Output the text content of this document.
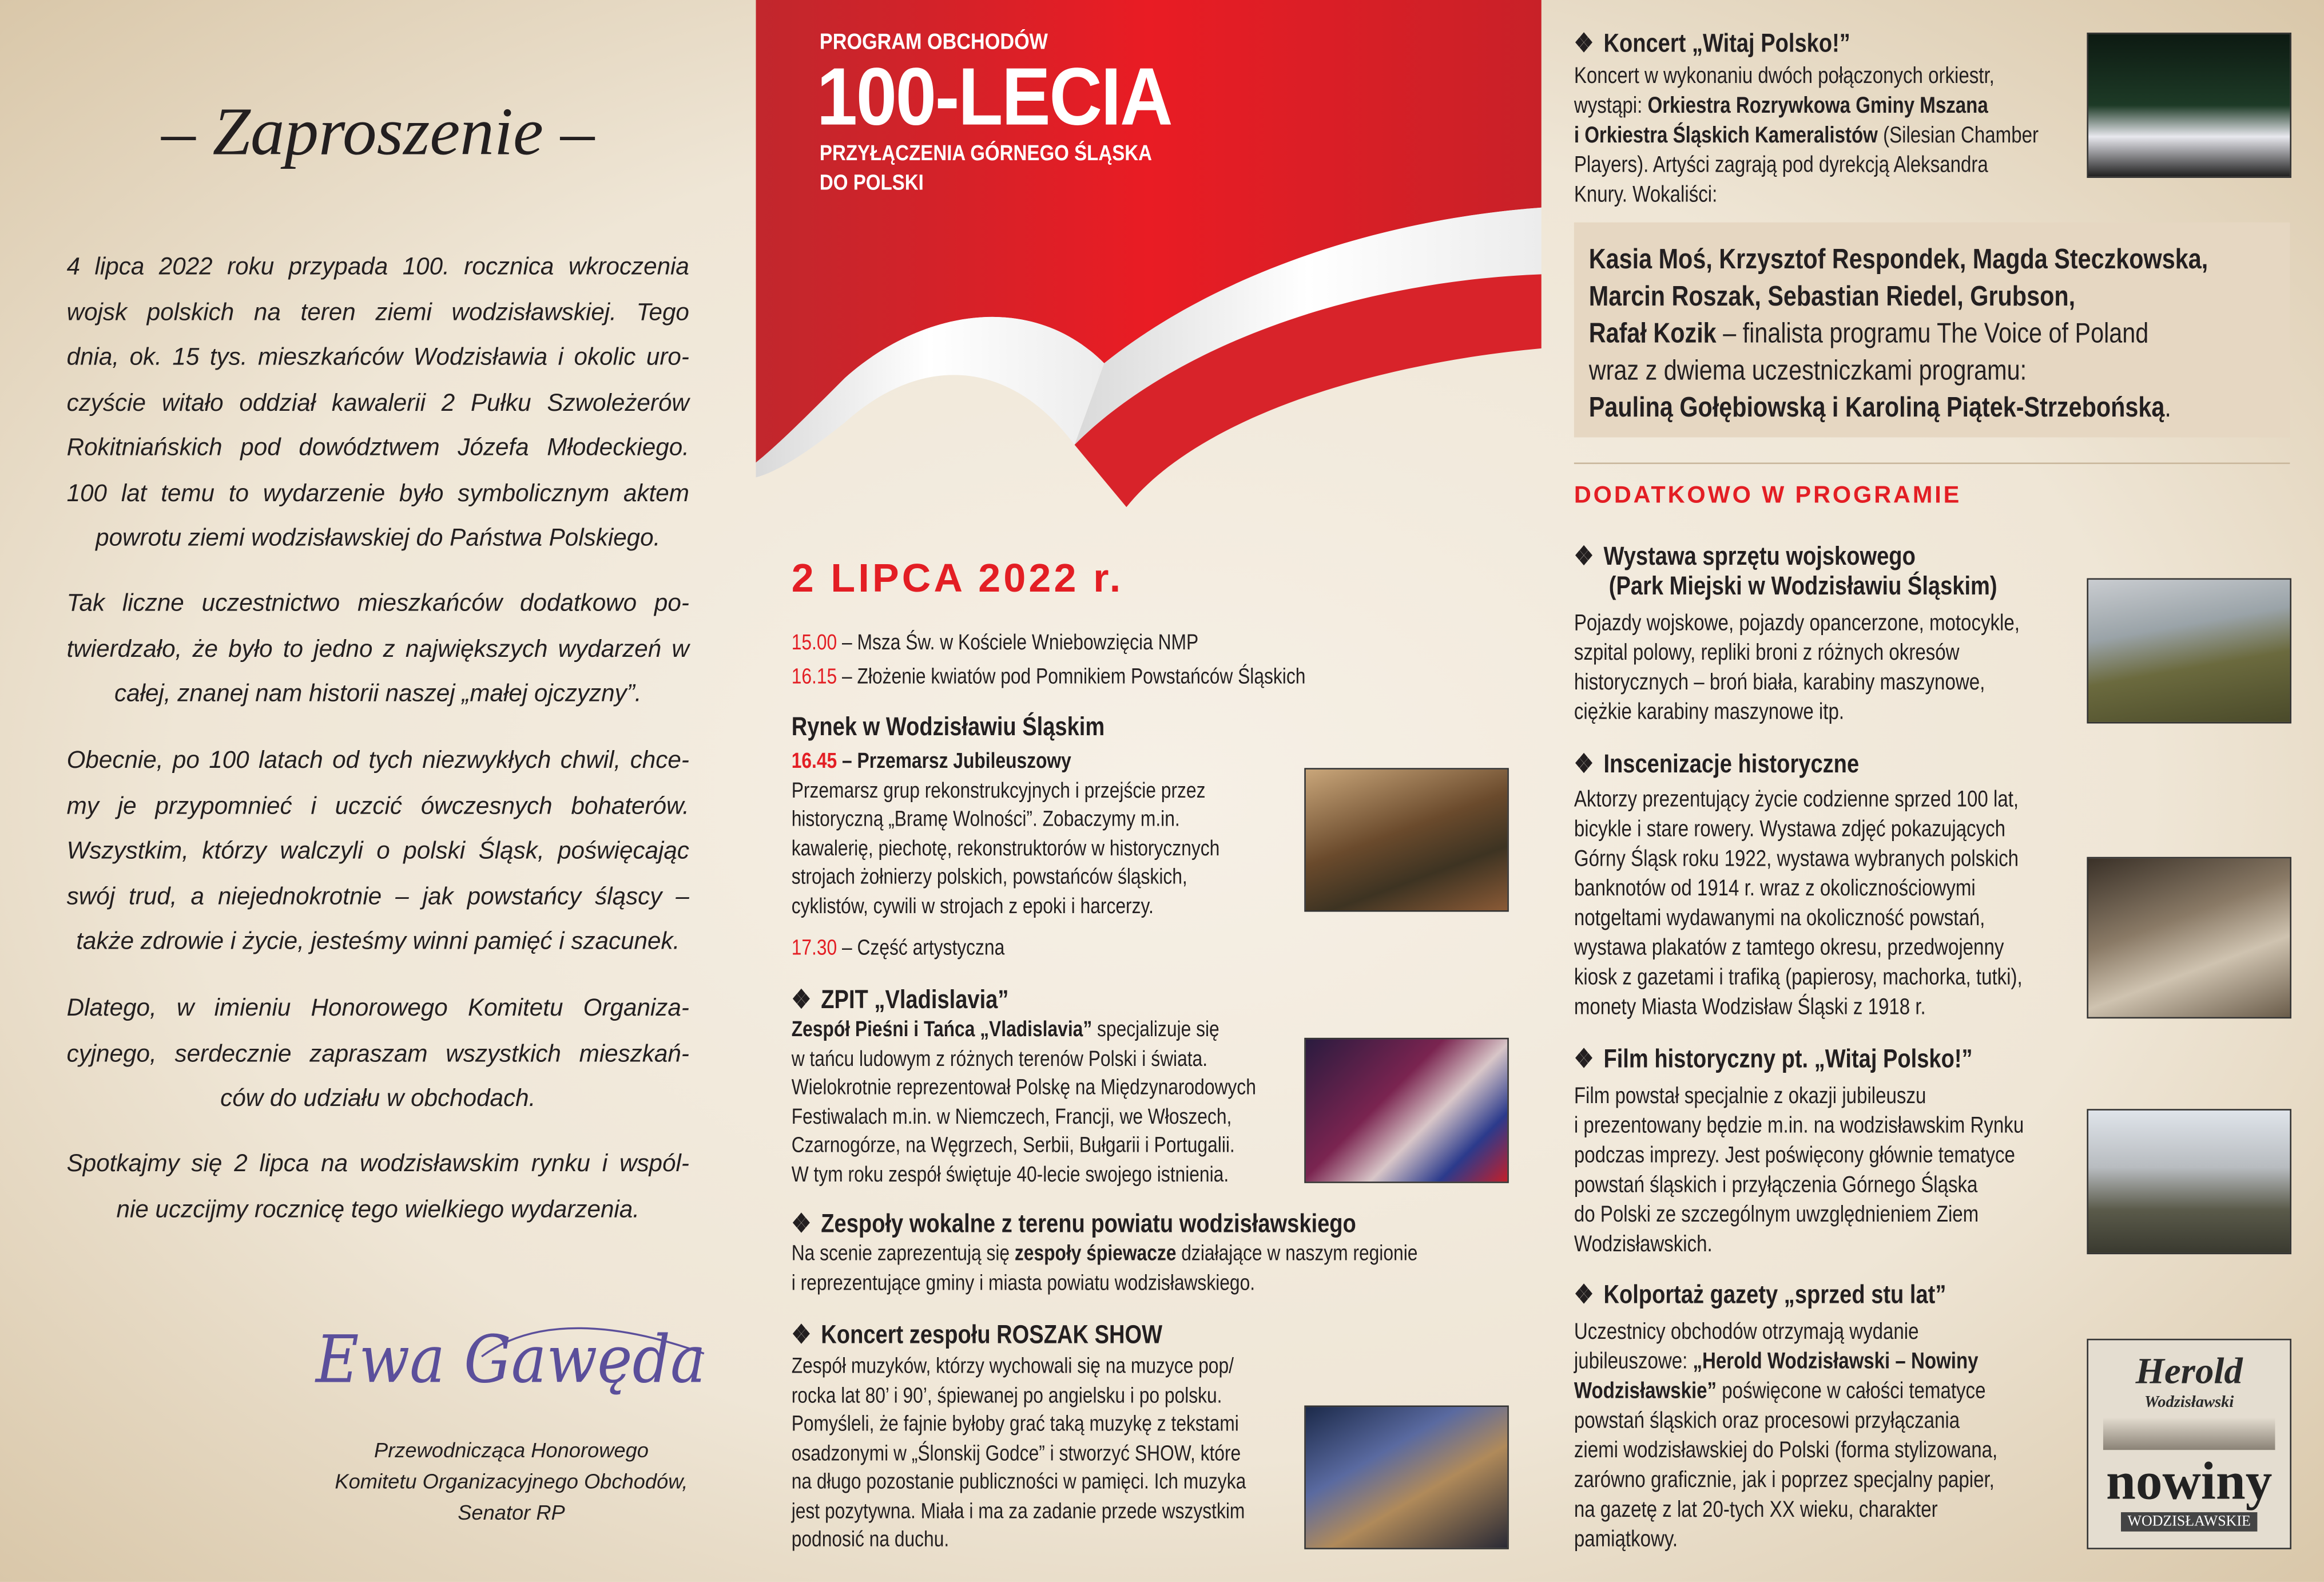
– Zaproszenie –
4 lipca 2022 roku przypada 100. rocznica wkroczenia
wojsk polskich na teren ziemi wodzisławskiej. Tego
dnia, ok. 15 tys. mieszkańców Wodzisławia i okolic uro-
czyście witało oddział kawalerii 2 Pułku Szwoleżerów
Rokitniańskich pod dowództwem Józefa Młodeckiego.
100 lat temu to wydarzenie było symbolicznym aktem
powrotu ziemi wodzisławskiej do Państwa Polskiego.
Tak liczne uczestnictwo mieszkańców dodatkowo po-
twierdzało, że było to jedno z największych wydarzeń w
całej, znanej nam historii naszej „małej ojczyzny”.
Obecnie, po 100 latach od tych niezwykłych chwil, chce-
my je przypomnieć i uczcić ówczesnych bohaterów.
Wszystkim, którzy walczyli o polski Śląsk, poświęcając
swój trud, a niejednokrotnie – jak powstańcy śląscy –
także zdrowie i życie, jesteśmy winni pamięć i szacunek.
Dlatego, w imieniu Honorowego Komitetu Organiza-
cyjnego, serdecznie zapraszam wszystkich mieszkań-
ców do udziału w obchodach.
Spotkajmy się 2 lipca na wodzisławskim rynku i wspól-
nie uczcijmy rocznicę tego wielkiego wydarzenia.
Ewa Gawęda
Przewodnicząca Honorowego
Komitetu Organizacyjnego Obchodów,
Senator RP
PROGRAM OBCHODÓW
100-LECIA
PRZYŁĄCZENIA GÓRNEGO ŚLĄSKA
DO POLSKI
2 LIPCA 2022 r.
15.00 – Msza Św. w Kościele Wniebowzięcia NMP
16.15 – Złożenie kwiatów pod Pomnikiem Powstańców Śląskich
Rynek w Wodzisławiu Śląskim
16.45 – Przemarsz Jubileuszowy
Przemarsz grup rekonstrukcyjnych i przejście przez
historyczną „Bramę Wolności”. Zobaczymy m.in.
kawalerię, piechotę, rekonstruktorów w historycznych
strojach żołnierzy polskich, powstańców śląskich,
cyklistów, cywili w strojach z epoki i harcerzy.
17.30 – Część artystyczna
❖ ZPIT „Vladislavia”
Zespół Pieśni i Tańca „Vladislavia” specjalizuje się
w tańcu ludowym z różnych terenów Polski i świata.
Wielokrotnie reprezentował Polskę na Międzynarodowych
Festiwalach m.in. w Niemczech, Francji, we Włoszech,
Czarnogórze, na Węgrzech, Serbii, Bułgarii i Portugalii.
W tym roku zespół świętuje 40-lecie swojego istnienia.
❖ Zespoły wokalne z terenu powiatu wodzisławskiego
Na scenie zaprezentują się zespoły śpiewacze działające w naszym regionie
i reprezentujące gminy i miasta powiatu wodzisławskiego.
❖ Koncert zespołu ROSZAK SHOW
Zespół muzyków, którzy wychowali się na muzyce pop/
rocka lat 80’ i 90’, śpiewanej po angielsku i po polsku.
Pomyśleli, że fajnie byłoby grać taką muzykę z tekstami
osadzonymi w „Ślonskij Godce” i stworzyć SHOW, które
na długo pozostanie publiczności w pamięci. Ich muzyka
jest pozytywna. Miała i ma za zadanie przede wszystkim
podnosić na duchu.
❖ Koncert „Witaj Polsko!”
Koncert w wykonaniu dwóch połączonych orkiestr,
wystąpi: Orkiestra Rozrywkowa Gminy Mszana
i Orkiestra Śląskich Kameralistów (Silesian Chamber
Players). Artyści zagrają pod dyrekcją Aleksandra
Knury. Wokaliści:
Kasia Moś, Krzysztof Respondek, Magda Steczkowska,
Marcin Roszak, Sebastian Riedel, Grubson,
Rafał Kozik – finalista programu The Voice of Poland
wraz z dwiema uczestniczkami programu:
Pauliną Gołębiowską i Karoliną Piątek-Strzebońską.
DODATKOWO W PROGRAMIE
❖ Wystawa sprzętu wojskowego
(Park Miejski w Wodzisławiu Śląskim)
Pojazdy wojskowe, pojazdy opancerzone, motocykle,
szpital polowy, repliki broni z różnych okresów
historycznych – broń biała, karabiny maszynowe,
ciężkie karabiny maszynowe itp.
❖ Inscenizacje historyczne
Aktorzy prezentujący życie codzienne sprzed 100 lat,
bicykle i stare rowery. Wystawa zdjęć pokazujących
Górny Śląsk roku 1922, wystawa wybranych polskich
banknotów od 1914 r. wraz z okolicznościowymi
notgeltami wydawanymi na okoliczność powstań,
wystawa plakatów z tamtego okresu, przedwojenny
kiosk z gazetami i trafiką (papierosy, machorka, tutki),
monety Miasta Wodzisław Śląski z 1918 r.
❖ Film historyczny pt. „Witaj Polsko!”
Film powstał specjalnie z okazji jubileuszu
i prezentowany będzie m.in. na wodzisławskim Rynku
podczas imprezy. Jest poświęcony głównie tematyce
powstań śląskich i przyłączenia Górnego Śląska
do Polski ze szczególnym uwzględnieniem Ziem
Wodzisławskich.
❖ Kolportaż gazety „sprzed stu lat”
Uczestnicy obchodów otrzymają wydanie
jubileuszowe: „Herold Wodzisławski – Nowiny
Wodzisławskie” poświęcone w całości tematyce
powstań śląskich oraz procesowi przyłączania
ziemi wodzisławskiej do Polski (forma stylizowana,
zarówno graficznie, jak i poprzez specjalny papier,
na gazetę z lat 20-tych XX wieku, charakter
pamiątkowy.
Herold
Wodzisławski
nowiny
WODZISŁAWSKIE
